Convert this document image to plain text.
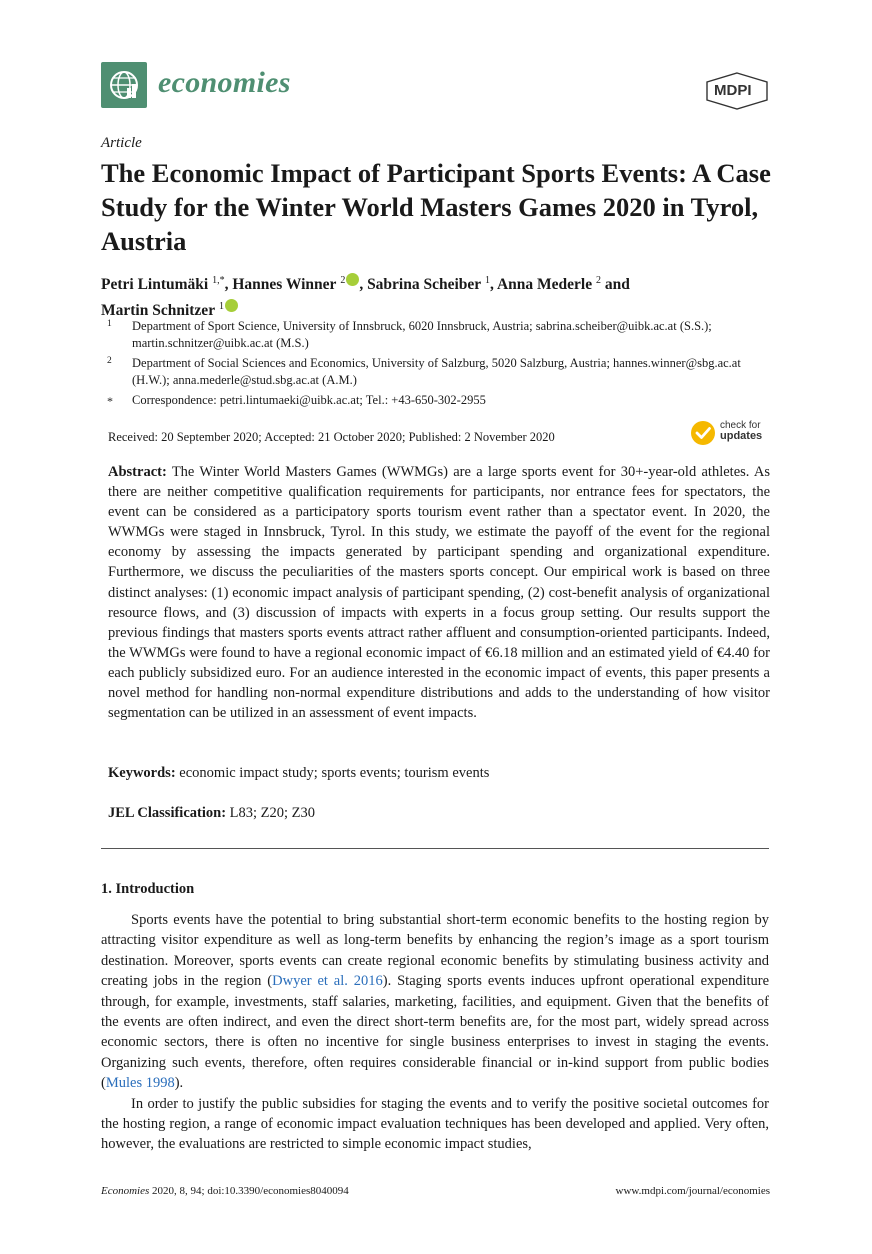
economies	MDPI
Article
The Economic Impact of Participant Sports Events: A Case Study for the Winter World Masters Games 2020 in Tyrol, Austria
Petri Lintumäki $^{1,*}$, Hannes Winner $^2$ , Sabrina Scheiber $^1$, Anna Mederle $^2$ and
Martin Schnitzer $^1$
1 Department of Sport Science, University of Innsbruck, 6020 Innsbruck, Austria; sabrina.scheiber@uibk.ac.at (S.S.); martin.schnitzer@uibk.ac.at (M.S.)
2 Department of Social Sciences and Economics, University of Salzburg, 5020 Salzburg, Austria; hannes.winner@sbg.ac.at (H.W.); anna.mederle@stud.sbg.ac.at (A.M.)
* Correspondence: petri.lintumaeki@uibk.ac.at; Tel.: +43-650-302-2955
Received: 20 September 2020; Accepted: 21 October 2020; Published: 2 November 2020
check for
updates
Abstract: The Winter World Masters Games (WWMGs) are a large sports event for 30+-year-old athletes. As there are neither competitive qualification requirements for participants, nor entrance fees for spectators, the event can be considered as a participatory sports tourism event rather than a spectator event. In 2020, the WWMGs were staged in Innsbruck, Tyrol. In this study, we estimate the payoff of the event for the regional economy by assessing the impacts generated by participant spending and organizational expenditure. Furthermore, we discuss the peculiarities of the masters sports concept. Our empirical work is based on three distinct analyses: (1) economic impact analysis of participant spending, (2) cost-benefit analysis of organizational resource flows, and (3) discussion of impacts with experts in a focus group setting. Our results support the previous findings that masters sports events attract rather affluent and consumption-oriented participants. Indeed, the WWMGs were found to have a regional economic impact of €6.18 million and an estimated yield of €4.40 for each publicly subsidized euro. For an audience interested in the economic impact of events, this paper presents a novel method for handling non-normal expenditure distributions and adds to the understanding of how visitor segmentation can be utilized in an assessment of event impacts.
Keywords: economic impact study; sports events; tourism events
JEL Classification: L83; Z20; Z30
1. Introduction

Sports events have the potential to bring substantial short-term economic benefits to the hosting region by attracting visitor expenditure as well as long-term benefits by enhancing the region’s image as a sport tourism destination. Moreover, sports events can create regional economic benefits by stimulating business activity and creating jobs in the region (Dwyer et al. 2016). Staging sports events induces upfront operational expenditure through, for example, investments, staff salaries, marketing, facilities, and equipment. Given that the benefits of the events are often indirect, and even the direct short-term benefits are, for the most part, widely spread across economic sectors, there is often no incentive for single business enterprises to invest in staging the events. Organizing such events, therefore, often requires considerable financial or in-kind support from public bodies (Mules 1998).

In order to justify the public subsidies for staging the events and to verify the positive societal outcomes for the hosting region, a range of economic impact evaluation techniques has been developed and applied. Very often, however, the evaluations are restricted to simple economic impact studies,

Economies 2020, 8, 94; doi:10.3390/economies8040094	www.mdpi.com/journal/economies
